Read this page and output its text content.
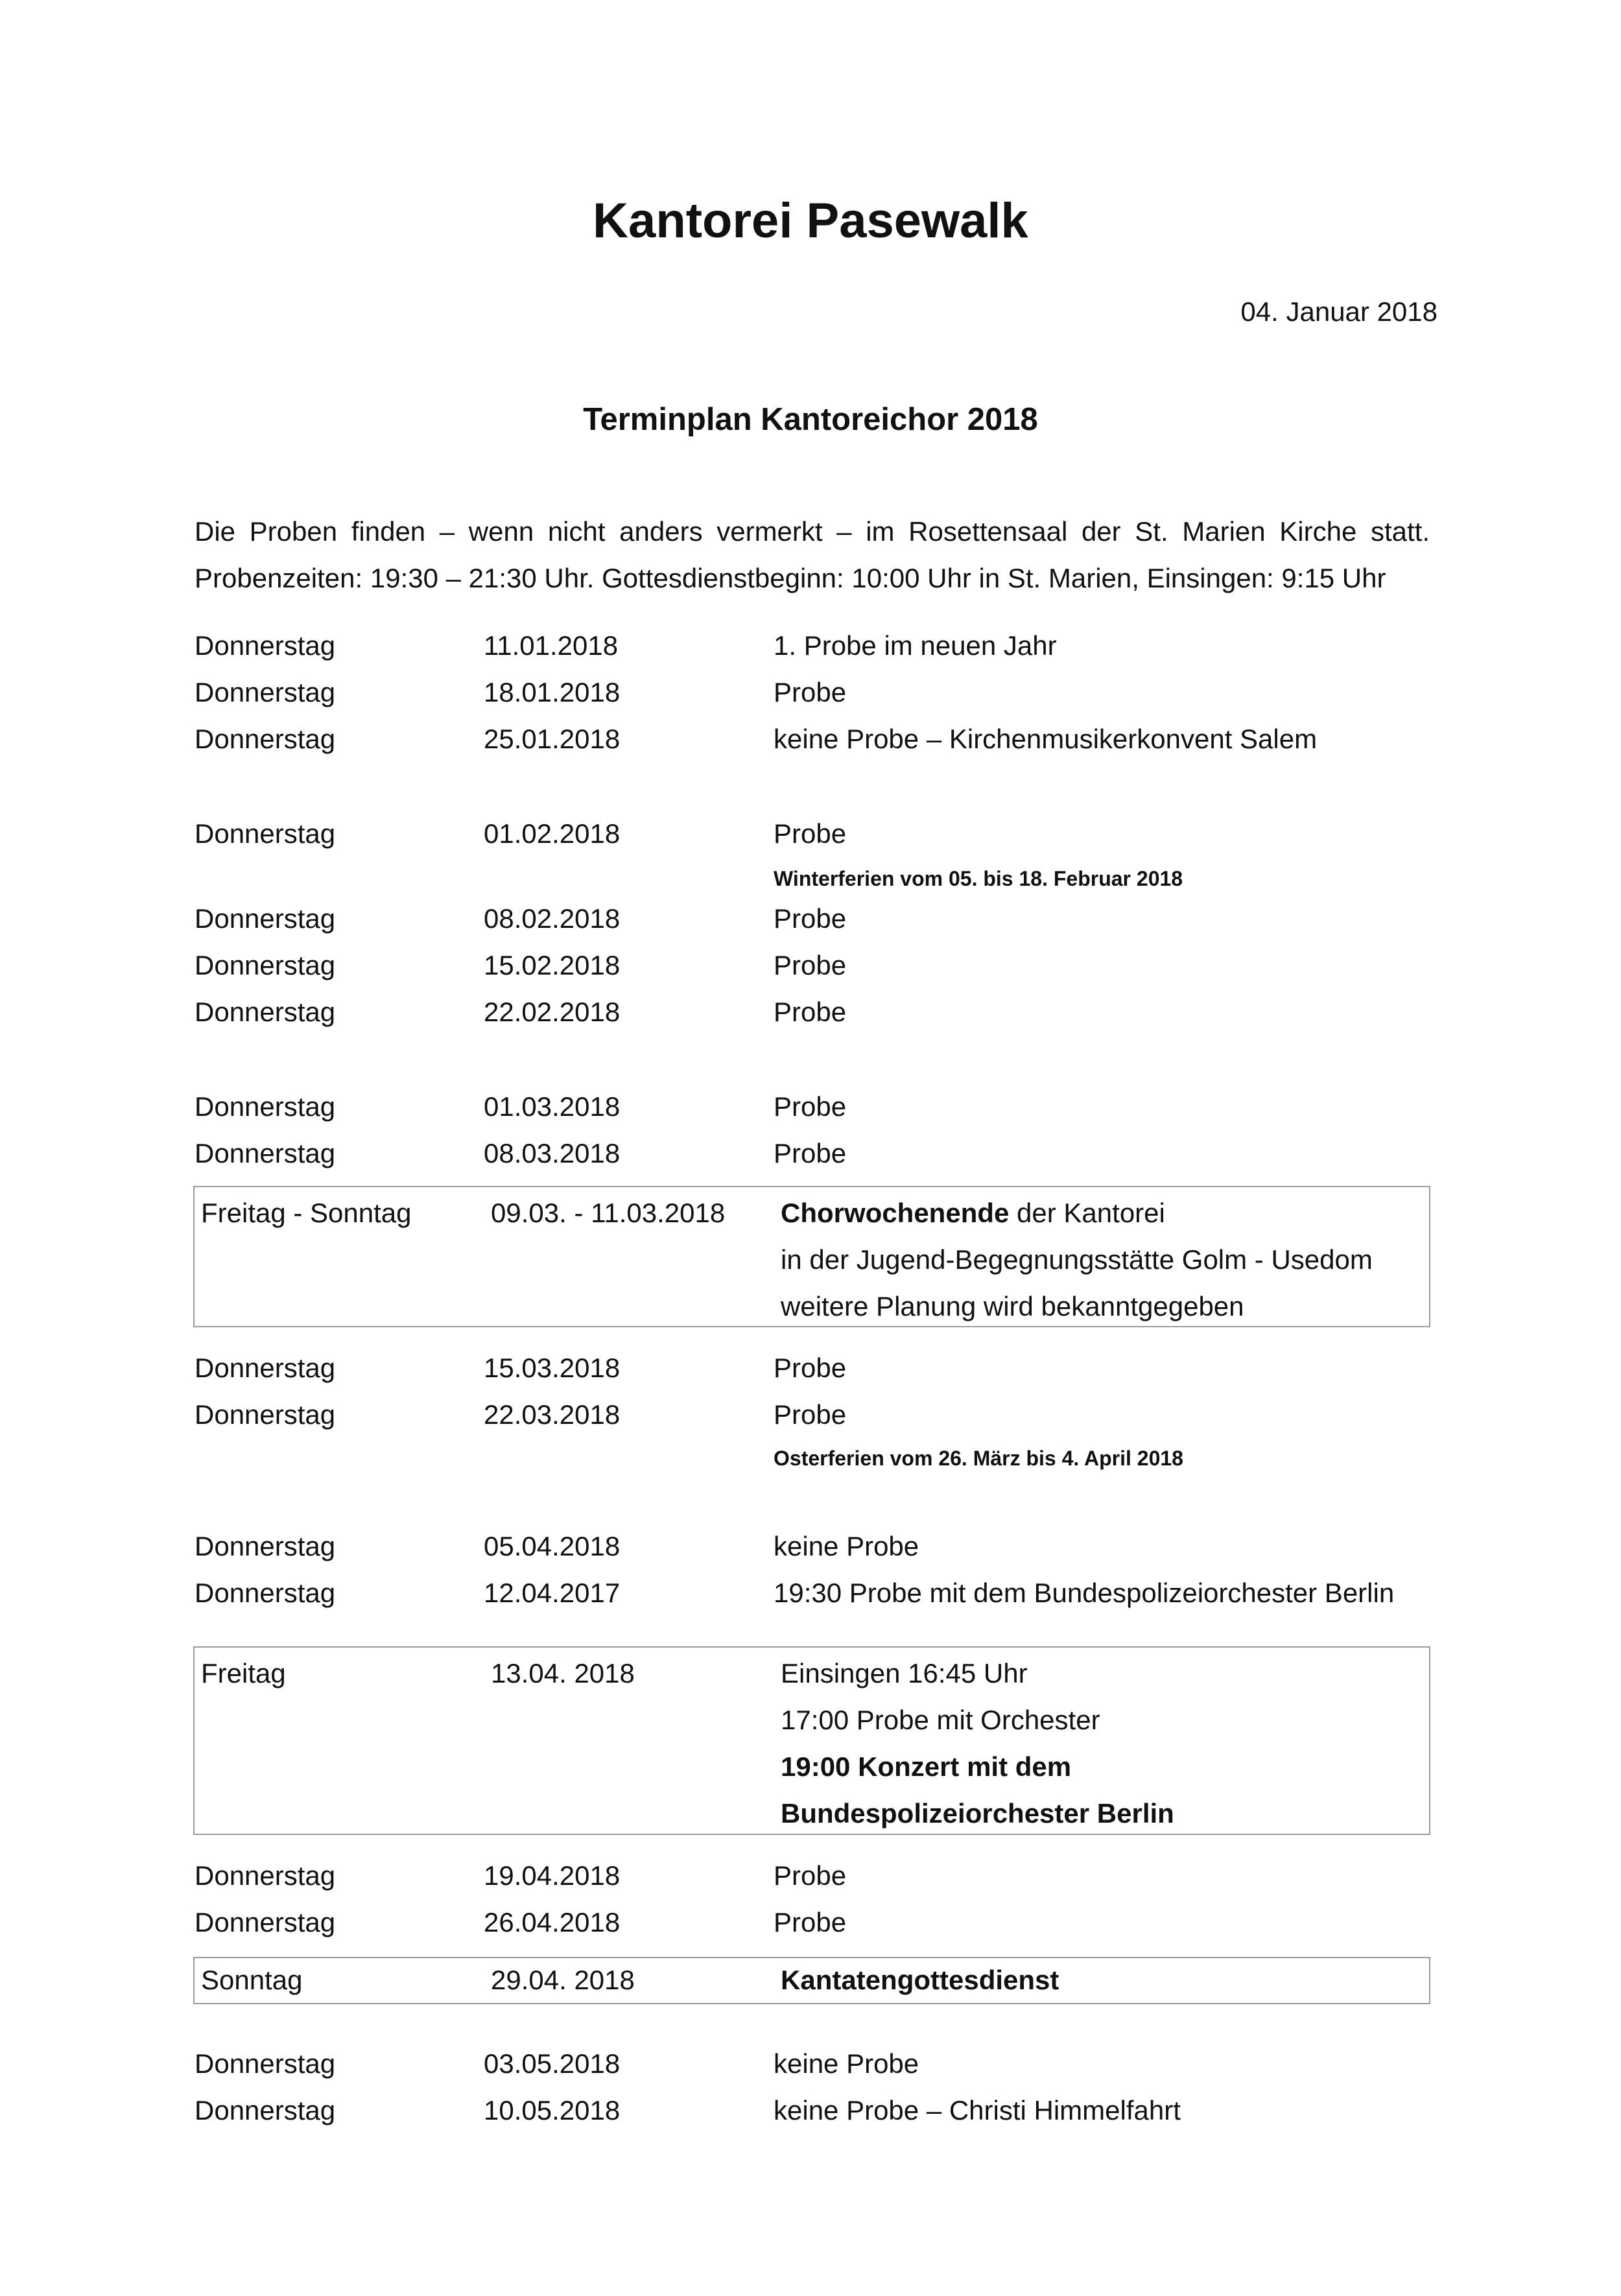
Kantorei Pasewalk
04. Januar 2018
Terminplan Kantoreichor 2018
Die Proben finden – wenn nicht anders vermerkt – im Rosettensaal der St. Marien Kirche statt.
Probenzeiten: 19:30 – 21:30 Uhr. Gottesdienstbeginn: 10:00 Uhr in St. Marien, Einsingen: 9:15 Uhr
Donnerstag	11.01.2018	1. Probe im neuen Jahr
Donnerstag	18.01.2018	Probe
Donnerstag	25.01.2018	keine Probe – Kirchenmusikerkonvent Salem
Donnerstag	01.02.2018	Probe
Winterferien vom 05. bis 18. Februar 2018
Donnerstag	08.02.2018	Probe
Donnerstag	15.02.2018	Probe
Donnerstag	22.02.2018	Probe
Donnerstag	01.03.2018	Probe
Donnerstag	08.03.2018	Probe
Freitag - Sonntag	09.03. - 11.03.2018 Chorwochenende der Kantorei
in der Jugend-Begegnungsstätte Golm - Usedom
weitere Planung wird bekanntgegeben
Donnerstag	15.03.2018	Probe
Donnerstag	22.03.2018	Probe
Osterferien vom 26. März bis 4. April 2018
Donnerstag	05.04.2018	keine Probe
Donnerstag	12.04.2017	19:30 Probe mit dem Bundespolizeiorchester Berlin
Freitag	13.04. 2018	Einsingen 16:45 Uhr
17:00 Probe mit Orchester
19:00 Konzert mit dem
Bundespolizeiorchester Berlin
Donnerstag	19.04.2018	Probe
Donnerstag	26.04.2018	Probe
Sonntag	29.04. 2018	Kantatengottesdienst
Donnerstag	03.05.2018	keine Probe
Donnerstag	10.05.2018	keine Probe – Christi Himmelfahrt
